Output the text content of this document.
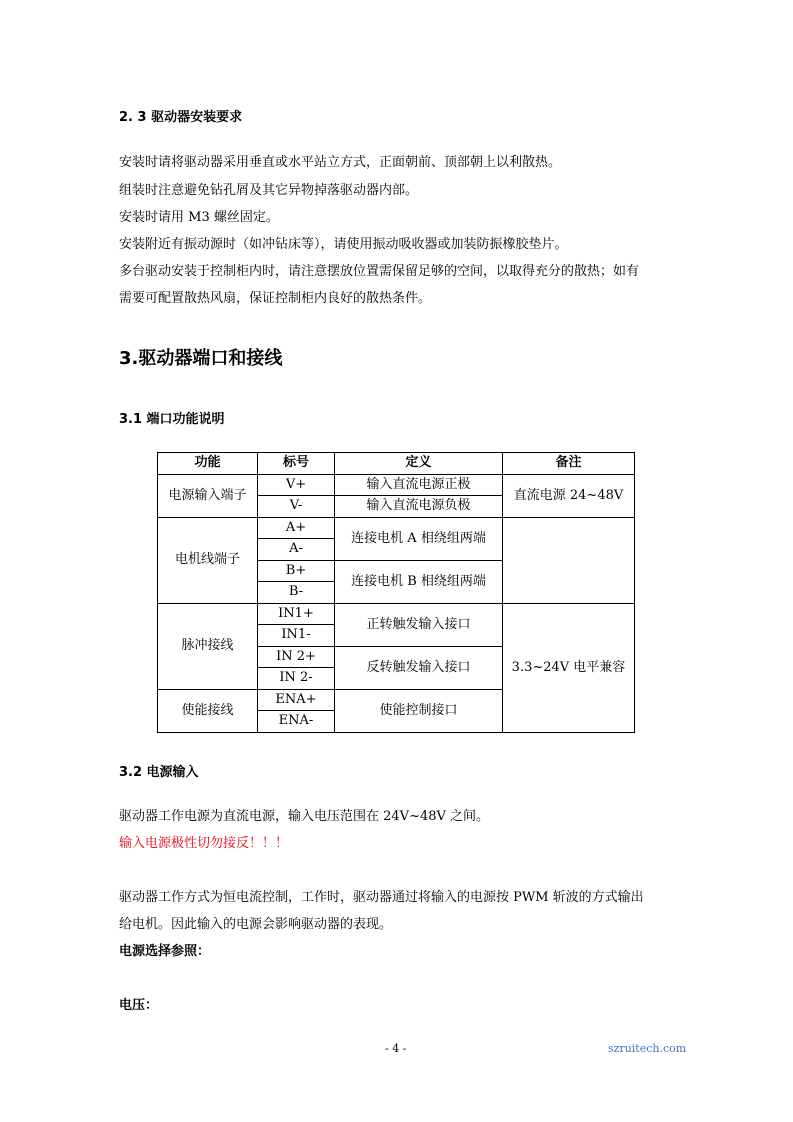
2. 3 驱动器安装要求
安装时请将驱动器采用垂直或水平站立方式，正面朝前、顶部朝上以利散热。
组装时注意避免钻孔屑及其它异物掉落驱动器内部。
安装时请用 M3 螺丝固定。
安装附近有振动源时（如冲钻床等），请使用振动吸收器或加装防振橡胶垫片。
多台驱动安装于控制柜内时，请注意摆放位置需保留足够的空间，以取得充分的散热；如有
需要可配置散热风扇，保证控制柜内良好的散热条件。
3.驱动器端口和接线
3.1 端口功能说明
功能	标号	定义	备注
电源输入端子	V+	输入直流电源正极	直流电源 24~48V
	V-	输入直流电源负极	
电机线端子	A+	连接电机 A 相绕组两端	
	A-		
	B+	连接电机 B 相绕组两端	
	B-		
脉冲接线	IN1+	正转触发输入接口	3.3~24V 电平兼容
	IN1-		
	IN 2+	反转触发输入接口	
	IN 2-		
使能接线	ENA+	使能控制接口	
	ENA-		
3.2 电源输入
驱动器工作电源为直流电源，输入电压范围在 24V~48V 之间。
输入电源极性切勿接反！！！
驱动器工作方式为恒电流控制，工作时，驱动器通过将输入的电源按 PWM 斩波的方式输出
给电机。因此输入的电源会影响驱动器的表现。
电源选择参照：
电压：
- 4 -	szruitech.com
